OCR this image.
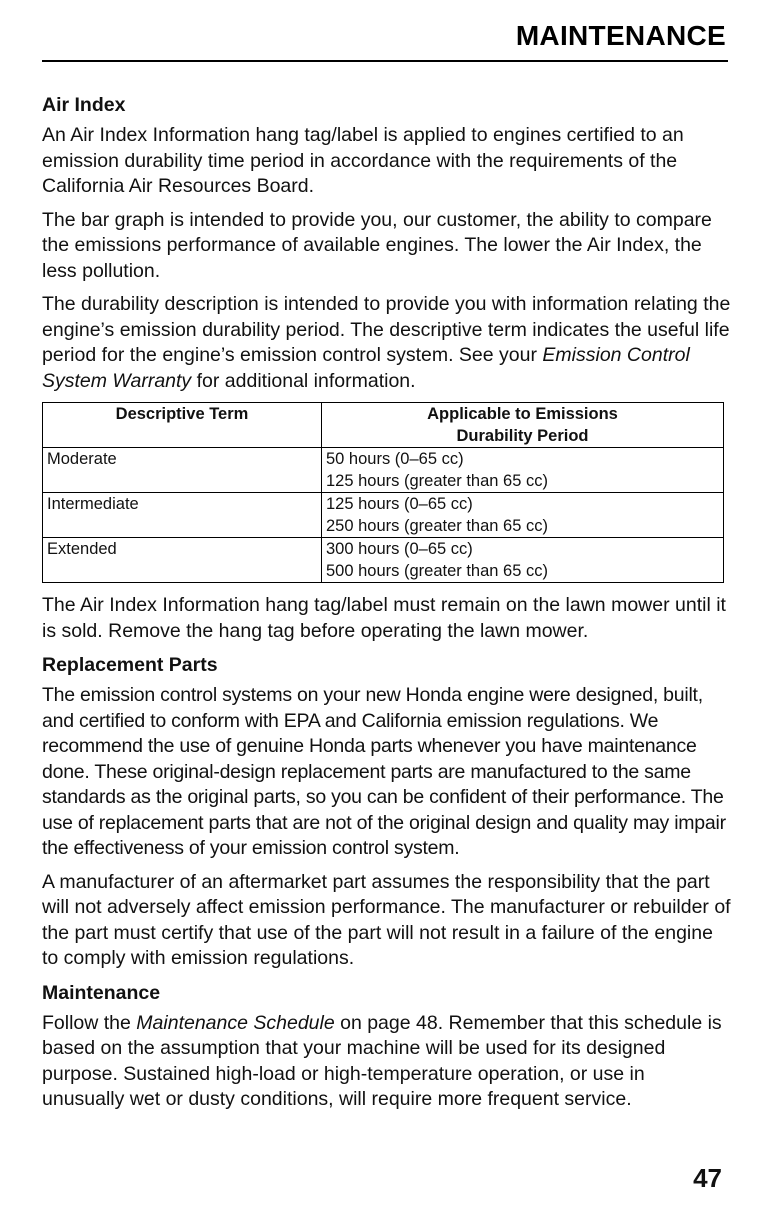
MAINTENANCE
Air Index

An Air Index Information hang tag/label is applied to engines certified to an emission durability time period in accordance with the requirements of the California Air Resources Board.

The bar graph is intended to provide you, our customer, the ability to compare the emissions performance of available engines. The lower the Air Index, the less pollution.

The durability description is intended to provide you with information relating the engine’s emission durability period. The descriptive term indicates the useful life period for the engine’s emission control system. See your Emission Control System Warranty for additional information.

Descriptive Term	Applicable to Emissions
Durability Period

Moderate	50 hours (0–65 cc)
125 hours (greater than 65 cc)

Intermediate	125 hours (0–65 cc)
250 hours (greater than 65 cc)

Extended	300 hours (0–65 cc)
500 hours (greater than 65 cc)

The Air Index Information hang tag/label must remain on the lawn mower until it is sold. Remove the hang tag before operating the lawn mower.

Replacement Parts

The emission control systems on your new Honda engine were designed, built, and certified to conform with EPA and California emission regulations. We recommend the use of genuine Honda parts whenever you have maintenance done. These original-design replacement parts are manufactured to the same standards as the original parts, so you can be confident of their performance. The use of replacement parts that are not of the original design and quality may impair the effectiveness of your emission control system.

A manufacturer of an aftermarket part assumes the responsibility that the part will not adversely affect emission performance. The manufacturer or rebuilder of the part must certify that use of the part will not result in a failure of the engine to comply with emission regulations.

Maintenance

Follow the Maintenance Schedule on page 48. Remember that this schedule is based on the assumption that your machine will be used for its designed purpose. Sustained high-load or high-temperature operation, or use in unusually wet or dusty conditions, will require more frequent service.

47
